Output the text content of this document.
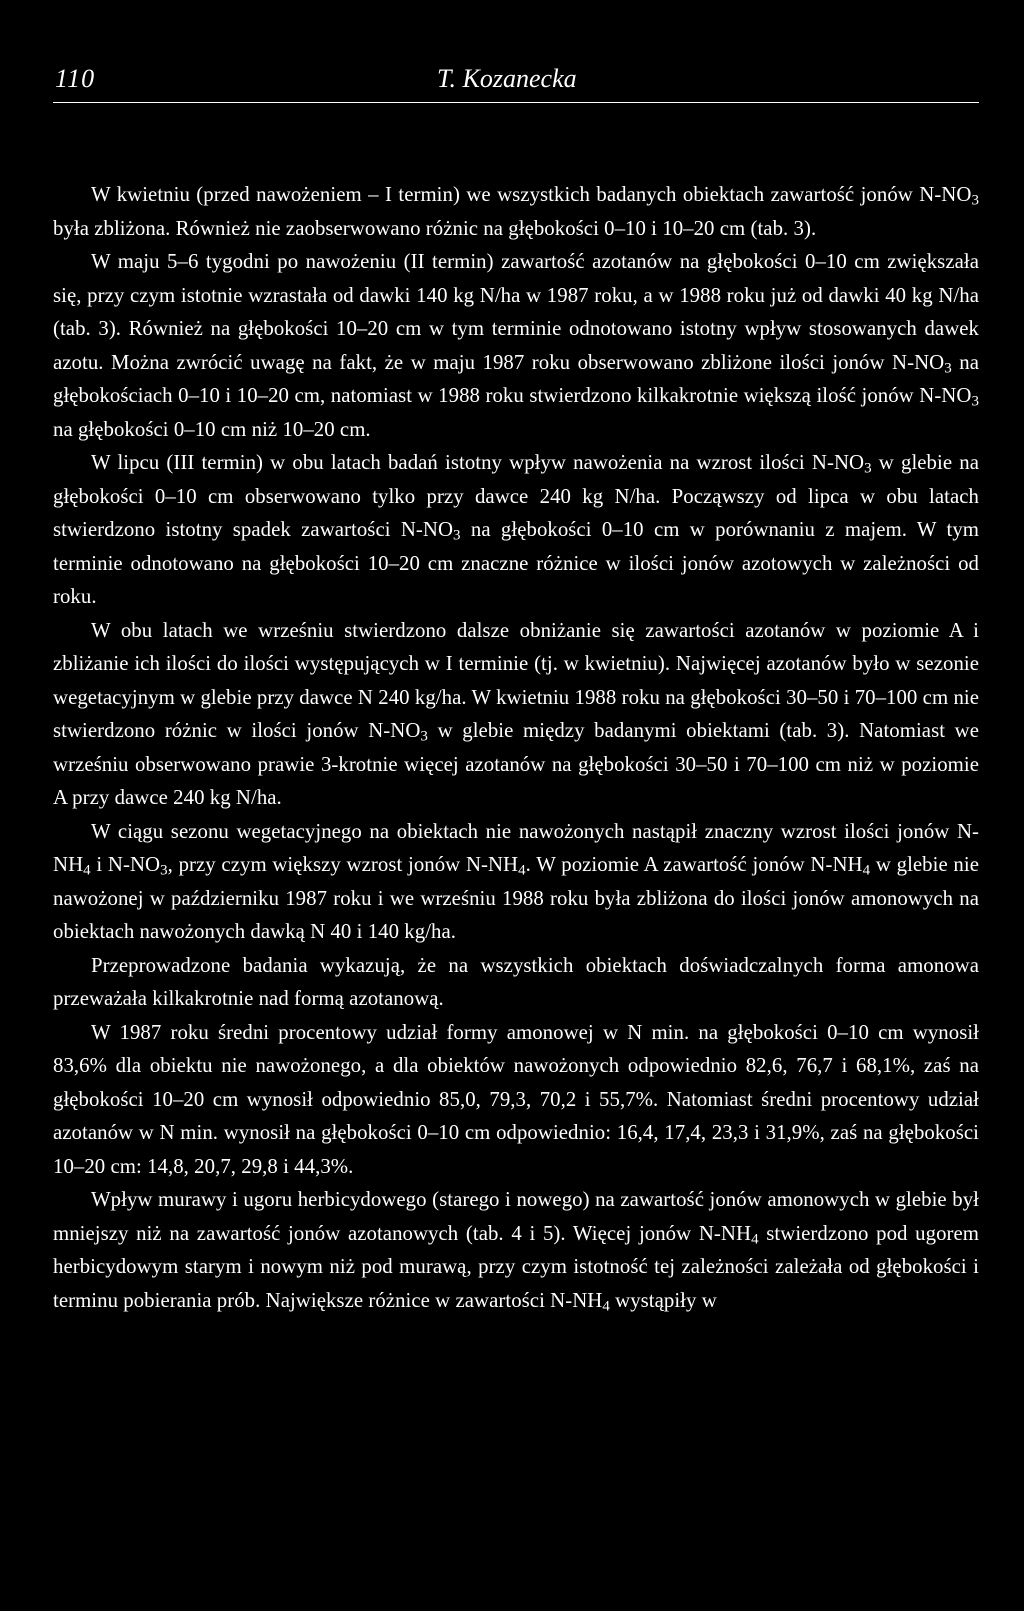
110	T. Kozanecka

W kwietniu (przed nawożeniem – I termin) we wszystkich badanych obiektach zawartość jonów $N-NO_3$ była zbliżona. Również nie zaobserwowano różnic na głębokości 0–10 i 10–20 cm (tab. 3).

W maju 5–6 tygodni po nawożeniu (II termin) zawartość azotanów na głębokości 0–10 cm zwiększała się, przy czym istotnie wzrastała od dawki 140 kg N/ha w 1987 roku, a w 1988 roku już od dawki 40 kg N/ha (tab. 3). Również na głębokości 10–20 cm w tym terminie odnotowano istotny wpływ stosowanych dawek azotu. Można zwrócić uwagę na fakt, że w maju 1987 roku obserwowano zbliżone ilości jonów $N-NO_3$ na głębokościach 0–10 i 10–20 cm, natomiast w 1988 roku stwierdzono kilkakrotnie większą ilość jonów $N-NO_3$ na głębokości 0–10 cm niż 10–20 cm.

W lipcu (III termin) w obu latach badań istotny wpływ nawożenia na wzrost ilości $N-NO_3$ w glebie na głębokości 0–10 cm obserwowano tylko przy dawce 240 kg N/ha. Począwszy od lipca w obu latach stwierdzono istotny spadek zawartości $N-NO_3$ na głębokości 0–10 cm w porównaniu z majem. W tym terminie odnotowano na głębokości 10–20 cm znaczne różnice w ilości jonów azotowych w zależności od roku.

W obu latach we wrześniu stwierdzono dalsze obniżanie się zawartości azotanów w poziomie A i zbliżanie ich ilości do ilości występujących w I terminie (tj. w kwietniu). Najwięcej azotanów było w sezonie wegetacyjnym w glebie przy dawce N 240 kg/ha. W kwietniu 1988 roku na głębokości 30–50 i 70–100 cm nie stwierdzono różnic w ilości jonów $N-NO_3$ w glebie między badanymi obiektami (tab. 3). Natomiast we wrześniu obserwowano prawie 3-krotnie więcej azotanów na głębokości 30–50 i 70–100 cm niż w poziomie A przy dawce 240 kg N/ha.

W ciągu sezonu wegetacyjnego na obiektach nie nawożonych nastąpił znaczny wzrost ilości jonów $N-NH_4$ i $N-NO_3$, przy czym większy wzrost jonów $N-NH_4$. W poziomie A zawartość jonów $N-NH_4$ w glebie nie nawożonej w październiku 1987 roku i we wrześniu 1988 roku była zbliżona do ilości jonów amonowych na obiektach nawożonych dawką N 40 i 140 kg/ha.

Przeprowadzone badania wykazują, że na wszystkich obiektach doświadczalnych forma amonowa przeważała kilkakrotnie nad formą azotanową.

W 1987 roku średni procentowy udział formy amonowej w N min. na głębokości 0–10 cm wynosił 83,6% dla obiektu nie nawożonego, a dla obiektów nawożonych odpowiednio 82,6, 76,7 i 68,1%, zaś na głębokości 10–20 cm wynosił odpowiednio 85,0, 79,3, 70,2 i 55,7%. Natomiast średni procentowy udział azotanów w N min. wynosił na głębokości 0–10 cm odpowiednio: 16,4, 17,4, 23,3 i 31,9%, zaś na głębokości 10–20 cm: 14,8, 20,7, 29,8 i 44,3%.

Wpływ murawy i ugoru herbicydowego (starego i nowego) na zawartość jonów amonowych w glebie był mniejszy niż na zawartość jonów azotanowych (tab. 4 i 5). Więcej jonów $N-NH_4$ stwierdzono pod ugorem herbicydowym starym i nowym niż pod murawą, przy czym istotność tej zależności zależała od głębokości i terminu pobierania prób. Największe różnice w zawartości $N-NH_4$ wystąpiły w
